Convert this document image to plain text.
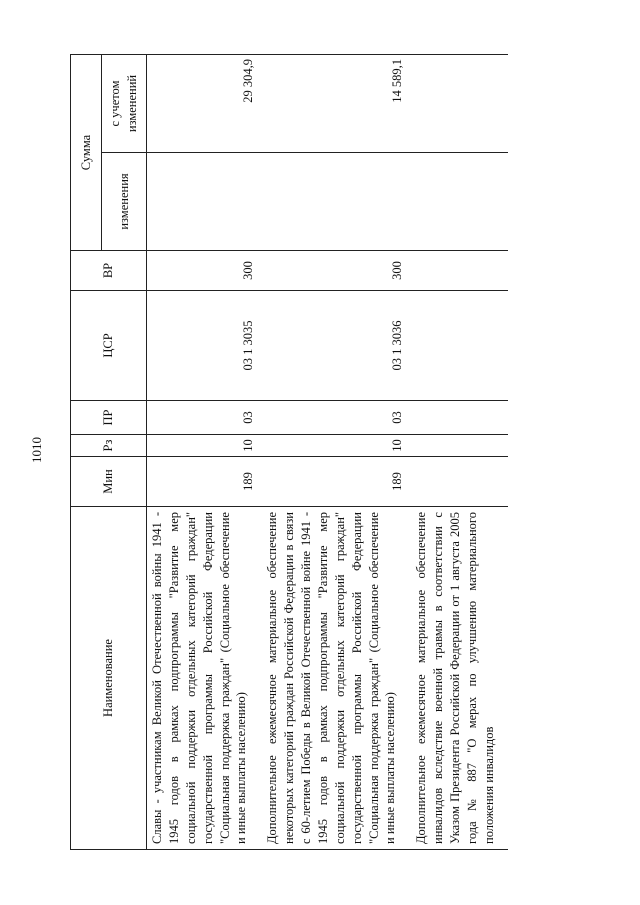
1010
Наименование	Мин	Рз	ПР	ЦСР	ВР	Сумма	
						изменения	с учетом изменений
Славы - участникам Великой Отечественной войны 1941 - 1945 годов в рамках подпрограммы "Развитие мер социальной поддержки отдельных категорий граждан" государственной программы Российской Федерации "Социальная поддержка граждан" (Социальное обеспечение и иные выплаты населению)	189	10	03	03 1 3035	300		29 304,9
Дополнительное ежемесячное материальное обеспечение некоторых категорий граждан Российской Федерации в связи с 60-летием Победы в Великой Отечественной войне 1941 - 1945 годов в рамках подпрограммы "Развитие мер социальной поддержки отдельных категорий граждан" государственной программы Российской Федерации "Социальная поддержка граждан" (Социальное обеспечение и иные выплаты населению)	189	10	03	03 1 3036	300		14 589,1
Дополнительное ежемесячное материальное обеспечение инвалидов вследствие военной травмы в соответствии с Указом Президента Российской Федерации от 1 августа 2005 года № 887 "О мерах по улучшению материального положения инвалидов							
